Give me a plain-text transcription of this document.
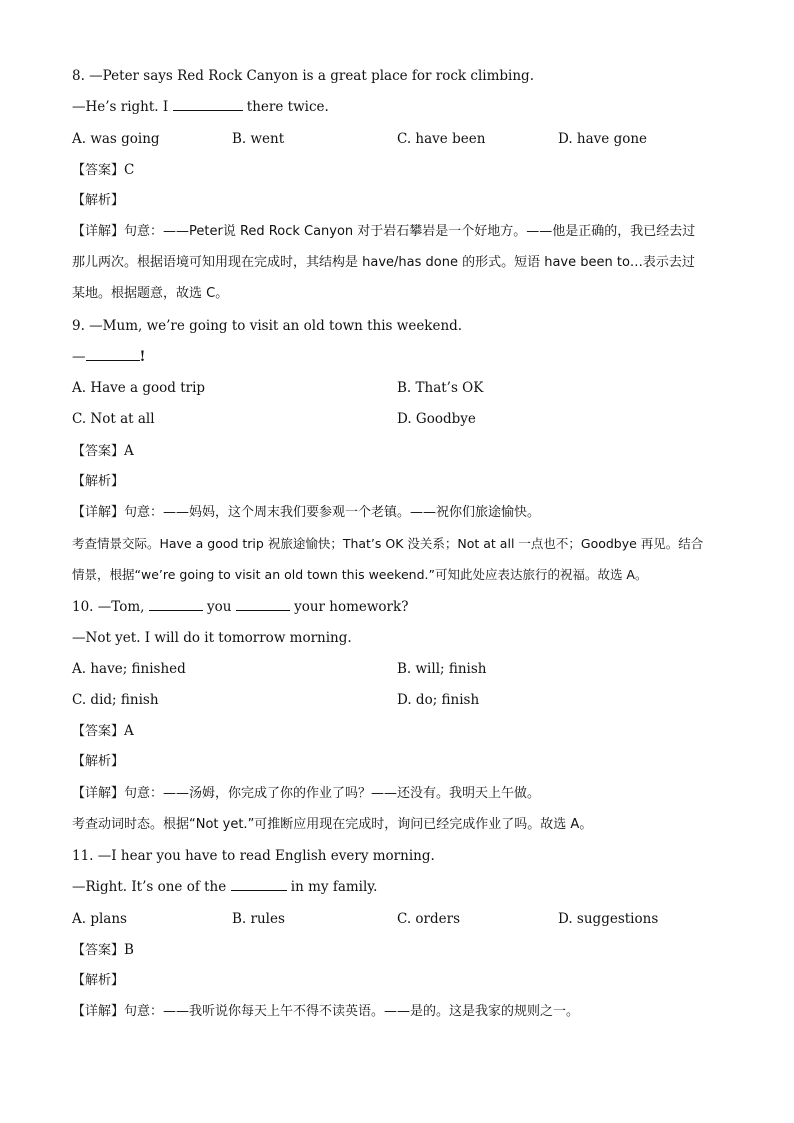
8. —Peter says Red Rock Canyon is a great place for rock climbing.
—He’s right. I	there twice.
A. was going	B. went	C. have been	D. have gone
【答案】C
【解析】
【详解】句意：——Peter说 Red Rock Canyon 对于岩石攀岩是一个好地方。——他是正确的，我已经去过
那儿两次。根据语境可知用现在完成时，其结构是 have/has done 的形式。短语 have been to…表示去过
某地。根据题意，故选 C。
9. —Mum, we’re going to visit an old town this weekend.
—	!
A. Have a good trip	B. That’s OK
C. Not at all	D. Goodbye
【答案】A
【解析】
【详解】句意：——妈妈，这个周末我们要参观一个老镇。——祝你们旅途愉快。
考查情景交际。Have a good trip 祝旅途愉快；That’s OK 没关系；Not at all 一点也不；Goodbye 再见。结合
情景，根据“we’re going to visit an old town this weekend.”可知此处应表达旅行的祝福。故选 A。
10. —Tom,	you	your homework?
—Not yet. I will do it tomorrow morning.
A. have; finished	B. will; finish
C. did; finish	D. do; finish
【答案】A
【解析】
【详解】句意：——汤姆，你完成了你的作业了吗？——还没有。我明天上午做。
考查动词时态。根据“Not yet.”可推断应用现在完成时，询问已经完成作业了吗。故选 A。
11. —I hear you have to read English every morning.
—Right. It’s one of the	in my family.
A. plans	B. rules	C. orders	D. suggestions
【答案】B
【解析】
【详解】句意：——我听说你每天上午不得不读英语。——是的。这是我家的规则之一。
